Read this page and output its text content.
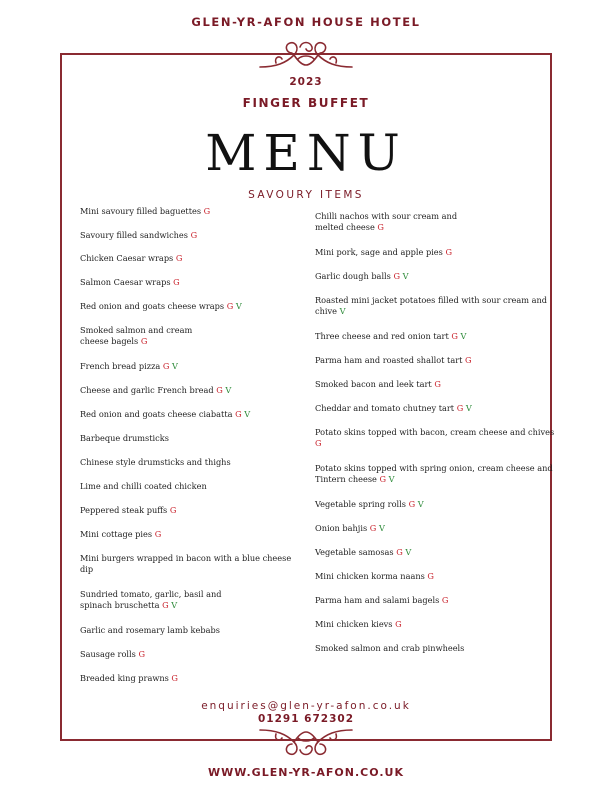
GLEN-YR-AFON HOUSE HOTEL
2023
FINGER BUFFET
MENU
SAVOURY ITEMS
Mini savoury filled baguettes G
Savoury filled sandwiches G
Chicken Caesar wraps G
Salmon Caesar wraps G
Red onion and goats cheese wraps G V
Smoked salmon and cream
cheese bagels G
French bread pizza G V
Cheese and garlic French bread G V
Red onion and goats cheese ciabatta G V
Barbeque drumsticks
Chinese style drumsticks and thighs
Lime and chilli coated chicken
Peppered steak puffs G
Mini cottage pies G
Mini burgers wrapped in bacon with a blue cheese dip
Sundried tomato, garlic, basil and
spinach bruschetta G V
Garlic and rosemary lamb kebabs
Sausage rolls G
Breaded king prawns G
Chilli nachos with sour cream and
melted cheese G
Mini pork, sage and apple pies G
Garlic dough balls G V
Roasted mini jacket potatoes filled with sour cream and chive V
Three cheese and red onion tart G V
Parma ham and roasted shallot tart G
Smoked bacon and leek tart G
Cheddar and tomato chutney tart G V
Potato skins topped with bacon, cream cheese and chives G
Potato skins topped with spring onion, cream cheese and Tintern cheese G V
Vegetable spring rolls G V
Onion bahjis G V
Vegetable samosas G V
Mini chicken korma naans G
Parma ham and salami bagels G
Mini chicken kievs G
Smoked salmon and crab pinwheels
enquiries@glen-yr-afon.co.uk
01291 672302
WWW.GLEN-YR-AFON.CO.UK
